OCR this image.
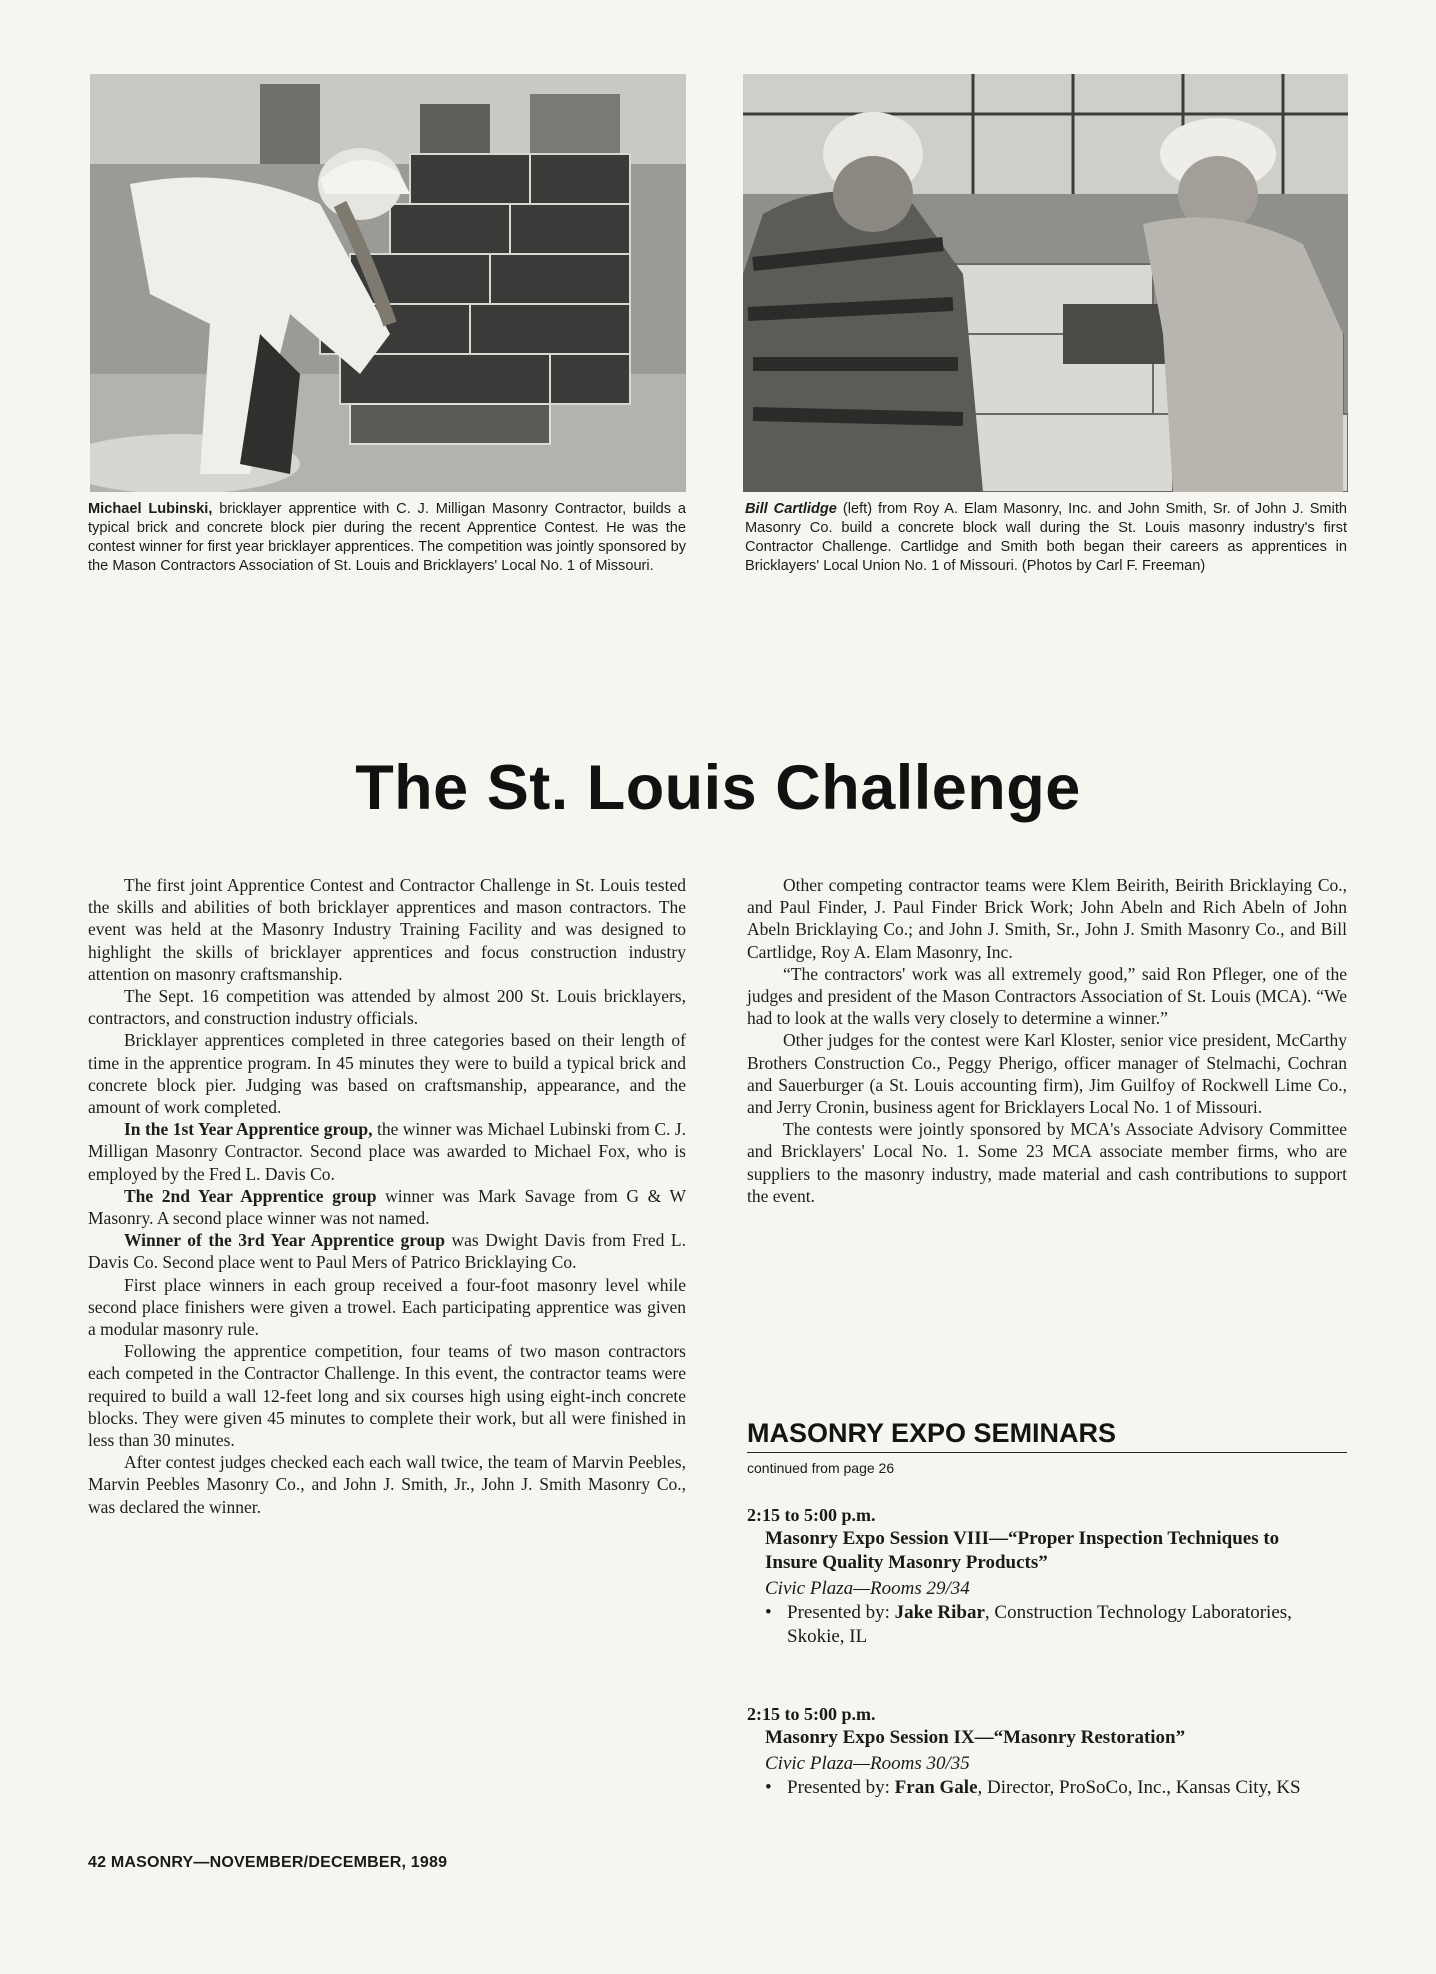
Michael Lubinski, bricklayer apprentice with C. J. Milligan Masonry Contractor, builds a typical brick and concrete block pier during the recent Apprentice Contest. He was the contest winner for first year bricklayer apprentices. The competition was jointly sponsored by the Mason Contractors Association of St. Louis and Bricklayers' Local No. 1 of Missouri.
Bill Cartlidge (left) from Roy A. Elam Masonry, Inc. and John Smith, Sr. of John J. Smith Masonry Co. build a concrete block wall during the St. Louis masonry industry's first Contractor Challenge. Cartlidge and Smith both began their careers as apprentices in Bricklayers' Local Union No. 1 of Missouri. (Photos by Carl F. Freeman)
The St. Louis Challenge

The first joint Apprentice Contest and Contractor Challenge in St. Louis tested the skills and abilities of both bricklayer apprentices and mason contractors. The event was held at the Masonry Industry Training Facility and was designed to highlight the skills of bricklayer apprentices and focus construction industry attention on masonry craftsmanship.

The Sept. 16 competition was attended by almost 200 St. Louis bricklayers, contractors, and construction industry officials.

Bricklayer apprentices completed in three categories based on their length of time in the apprentice program. In 45 minutes they were to build a typical brick and concrete block pier. Judging was based on craftsmanship, appearance, and the amount of work completed.

In the 1st Year Apprentice group, the winner was Michael Lubinski from C. J. Milligan Masonry Contractor. Second place was awarded to Michael Fox, who is employed by the Fred L. Davis Co.

The 2nd Year Apprentice group winner was Mark Savage from G & W Masonry. A second place winner was not named.

Winner of the 3rd Year Apprentice group was Dwight Davis from Fred L. Davis Co. Second place went to Paul Mers of Patrico Bricklaying Co.

First place winners in each group received a four-foot masonry level while second place finishers were given a trowel. Each participating apprentice was given a modular masonry rule.

Following the apprentice competition, four teams of two mason contractors each competed in the Contractor Challenge. In this event, the contractor teams were required to build a wall 12-feet long and six courses high using eight-inch concrete blocks. They were given 45 minutes to complete their work, but all were finished in less than 30 minutes.

After contest judges checked each each wall twice, the team of Marvin Peebles, Marvin Peebles Masonry Co., and John J. Smith, Jr., John J. Smith Masonry Co., was declared the winner.

Other competing contractor teams were Klem Beirith, Beirith Bricklaying Co., and Paul Finder, J. Paul Finder Brick Work; John Abeln and Rich Abeln of John Abeln Bricklaying Co.; and John J. Smith, Sr., John J. Smith Masonry Co., and Bill Cartlidge, Roy A. Elam Masonry, Inc.

“The contractors' work was all extremely good,” said Ron Pfleger, one of the judges and president of the Mason Contractors Association of St. Louis (MCA). “We had to look at the walls very closely to determine a winner.”

Other judges for the contest were Karl Kloster, senior vice president, McCarthy Brothers Construction Co., Peggy Pherigo, officer manager of Stelmachi, Cochran and Sauerburger (a St. Louis accounting firm), Jim Guilfoy of Rockwell Lime Co., and Jerry Cronin, business agent for Bricklayers Local No. 1 of Missouri.

The contests were jointly sponsored by MCA's Associate Advisory Committee and Bricklayers' Local No. 1. Some 23 MCA associate member firms, who are suppliers to the masonry industry, made material and cash contributions to support the event.

MASONRY EXPO SEMINARS
continued from page 26
2:15 to 5:00 p.m.
Masonry Expo Session VIII—“Proper Inspection Techniques to Insure Quality Masonry Products”
Civic Plaza—Rooms 29/34
• Presented by: Jake Ribar, Construction Technology Laboratories, Skokie, IL
2:15 to 5:00 p.m.
Masonry Expo Session IX—“Masonry Restoration”
Civic Plaza—Rooms 30/35
• Presented by: Fran Gale, Director, ProSoCo, Inc., Kansas City, KS
42 MASONRY—NOVEMBER/DECEMBER, 1989
